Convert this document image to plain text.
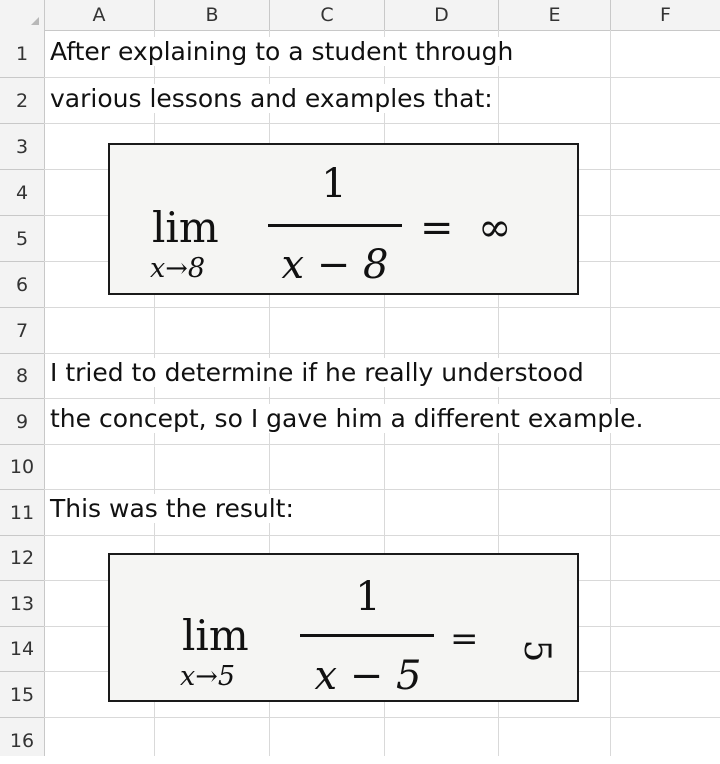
A	B	C	D	E	F
1
2
3
4
5
6
7
8
9
10
11
12
13
14
15
16
After explaining to a student through
various lessons and examples that:
I tried to determine if he really understood
the concept, so I gave him a different example.
This was the result:
lim
x→8
1
x − 8
= ∞
lim
x→5
1
x − 5
= 5
